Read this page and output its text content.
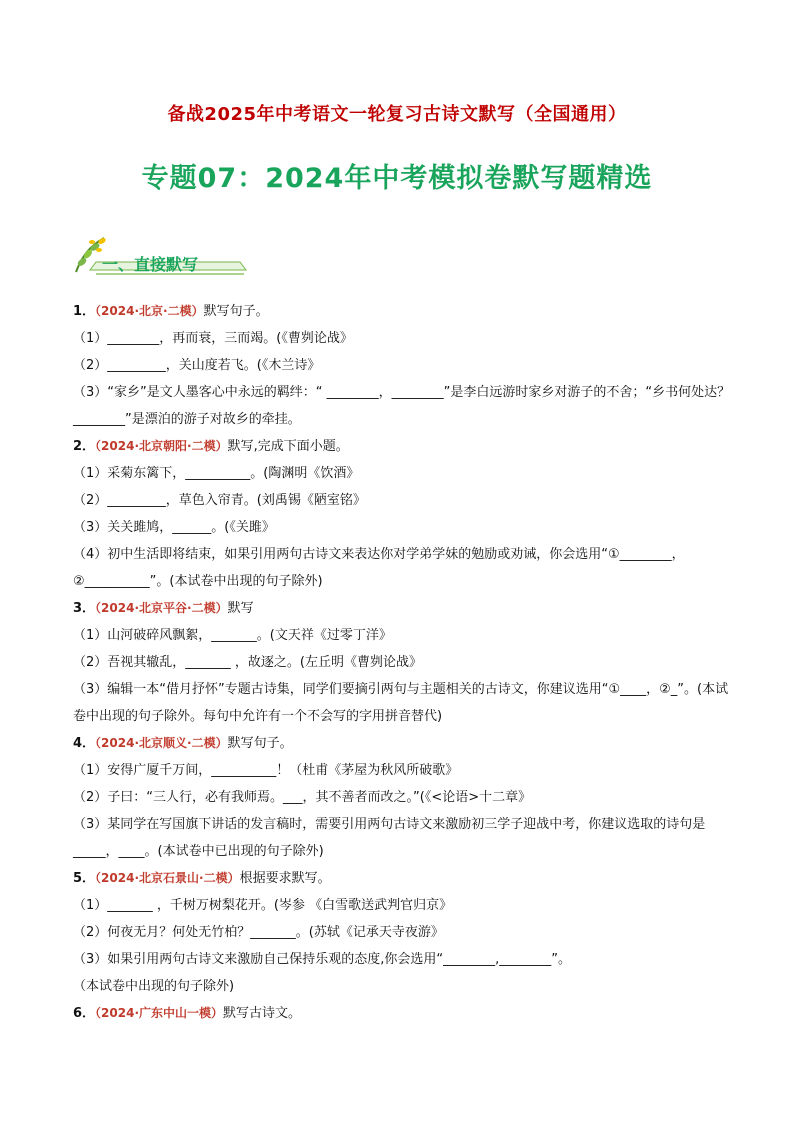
备战2025年中考语文一轮复习古诗文默写（全国通用）
专题07：2024年中考模拟卷默写题精选
一、直接默写
1．（2024·北京·二模）默写句子。
（1）________，再而衰，三而竭。(《曹刿论战》
（2）_________，关山度若飞。(《木兰诗》
（3）“家乡”是文人墨客心中永远的羁绊：“ ________，________”是李白远游时家乡对游子的不舍；“乡书何处达？________”是漂泊的游子对故乡的牵挂。
2．（2024·北京朝阳·二模）默写,完成下面小题。
（1）采菊东篱下，__________。(陶渊明《饮酒》
（2）_________，草色入帘青。(刘禹锡《陋室铭》
（3）关关雎鸠，______。(《关雎》
（4）初中生活即将结束，如果引用两句古诗文来表达你对学弟学妹的勉励或劝诫，你会选用“①________，②__________”。(本试卷中出现的句子除外)
3．（2024·北京平谷·二模）默写
（1）山河破碎风飘絮，_______。(文天祥《过零丁洋》
（2）吾视其辙乱，_______ ，故逐之。(左丘明《曹刿论战》
（3）编辑一本“借月抒怀”专题古诗集，同学们要摘引两句与主题相关的古诗文，你建议选用“①____，②_”。(本试卷中出现的句子除外。每句中允许有一个不会写的字用拼音替代)
4．（2024·北京顺义·二模）默写句子。
（1）安得广厦千万间，__________！（杜甫《茅屋为秋风所破歌》
（2）子曰：“三人行，必有我师焉。___，其不善者而改之。”(《<论语>十二章》
（3）某同学在写国旗下讲话的发言稿时，需要引用两句古诗文来激励初三学子迎战中考，你建议选取的诗句是_____，____。(本试卷中已出现的句子除外)
5．（2024·北京石景山·二模）根据要求默写。
（1）_______ ，千树万树梨花开。(岑参 《白雪歌送武判官归京》
（2）何夜无月？何处无竹柏？_______。(苏轼《记承天寺夜游》
（3）如果引用两句古诗文来激励自己保持乐观的态度,你会选用“________,________”。
（本试卷中出现的句子除外)
6．（2024·广东中山一模）默写古诗文。
